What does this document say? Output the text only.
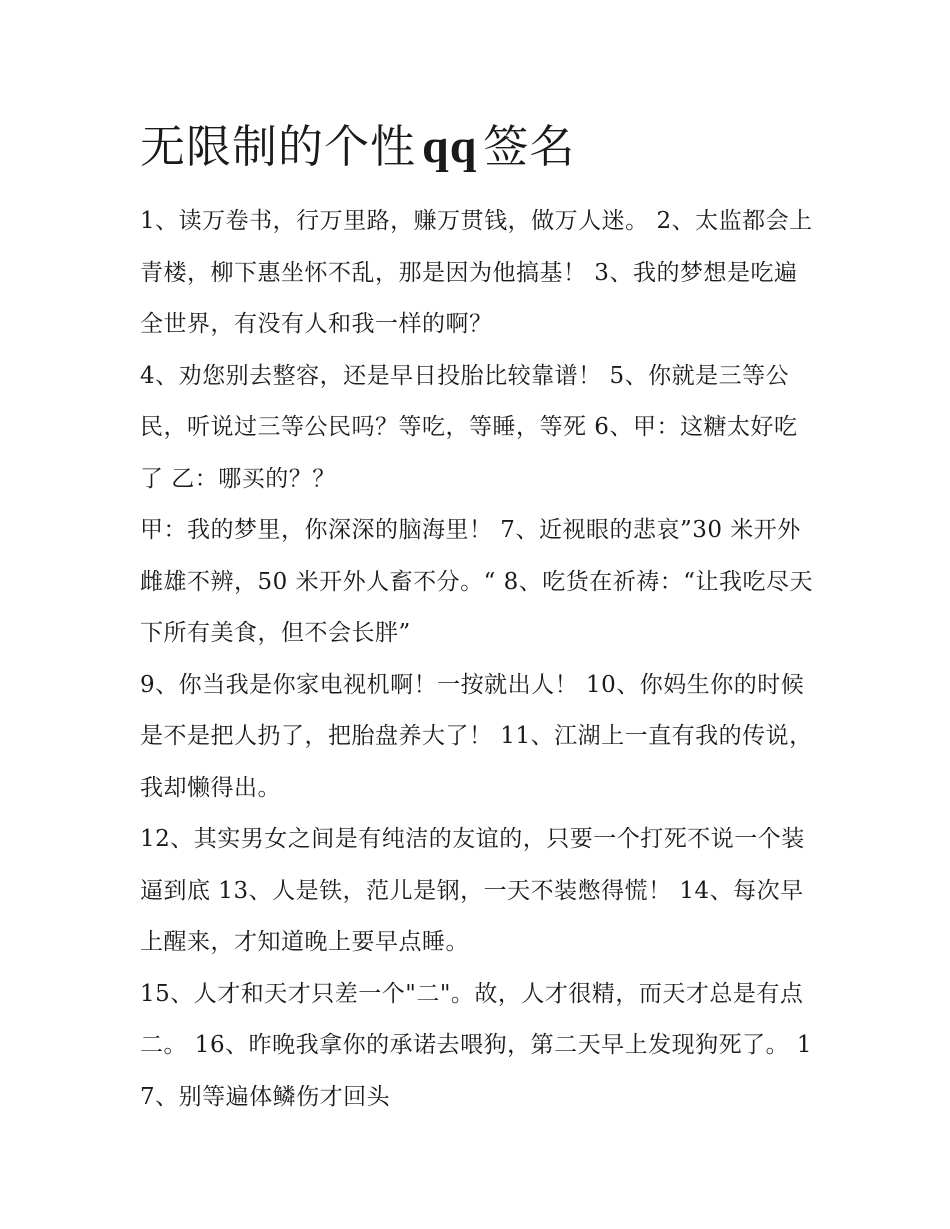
无限制的个性 qq 签名

1、读万卷书，行万里路，赚万贯钱，做万人迷。 2、太监都会上青楼，柳下惠坐怀不乱，那是因为他搞基！ 3、我的梦想是吃遍全世界，有没有人和我一样的啊？

4、劝您别去整容，还是早日投胎比较靠谱！ 5、你就是三等公民，听说过三等公民吗？等吃，等睡，等死 6、甲：这糖太好吃了 乙：哪买的？？

甲：我的梦里，你深深的脑海里！ 7、近视眼的悲哀”30 米开外雌雄不辨，50 米开外人畜不分。“ 8、吃货在祈祷：“让我吃尽天下所有美食，但不会长胖”

9、你当我是你家电视机啊！一按就出人！ 10、你妈生你的时候是不是把人扔了，把胎盘养大了！ 11、江湖上一直有我的传说，我却懒得出。

12、其实男女之间是有纯洁的友谊的，只要一个打死不说一个装逼到底 13、人是铁，范儿是钢，一天不装憋得慌！ 14、每次早上醒来，才知道晚上要早点睡。

15、人才和天才只差一个"二"。故，人才很精，而天才总是有点二。 16、昨晚我拿你的承诺去喂狗，第二天早上发现狗死了。 17、别等遍体鳞伤才回头
